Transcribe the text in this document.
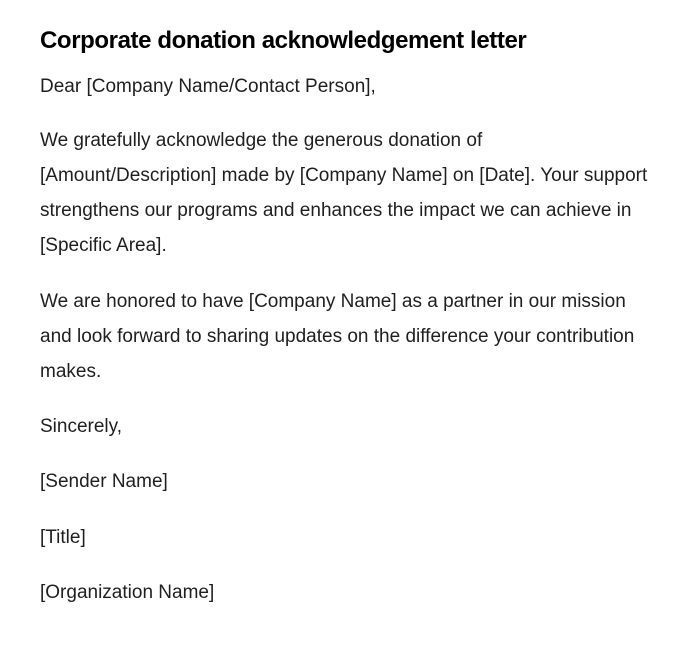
Corporate donation acknowledgement letter

Dear [Company Name/Contact Person],

We gratefully acknowledge the generous donation of [Amount/Description] made by [Company Name] on [Date]. Your support strengthens our programs and enhances the impact we can achieve in [Specific Area].

We are honored to have [Company Name] as a partner in our mission and look forward to sharing updates on the difference your contribution makes.

Sincerely,

[Sender Name]

[Title]

[Organization Name]
